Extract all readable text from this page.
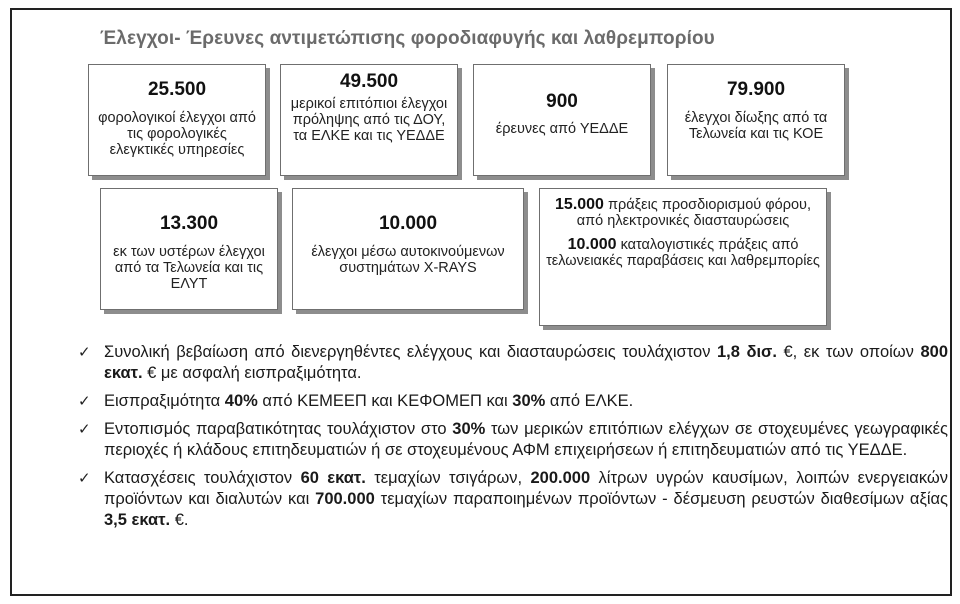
Έλεγχοι- Έρευνες αντιμετώπισης φοροδιαφυγής και λαθρεμπορίου
25.500
φορολογικοί έλεγχοι από τις φορολογικές ελεγκτικές υπηρεσίες
49.500
μερικοί επιτόπιοι έλεγχοι πρόληψης από τις ΔΟΥ, τα ΕΛΚΕ και τις ΥΕΔΔΕ
900
έρευνες από ΥΕΔΔΕ
79.900
έλεγχοι δίωξης από τα Τελωνεία και τις ΚΟΕ
13.300
εκ των υστέρων έλεγχοι από τα Τελωνεία και τις ΕΛΥΤ
10.000
έλεγχοι μέσω αυτοκινούμενων συστημάτων X-RAYS
15.000 πράξεις προσδιορισμού φόρου, από ηλεκτρονικές διασταυρώσεις
10.000 καταλογιστικές πράξεις από τελωνειακές παραβάσεις και λαθρεμπορίες
✓ Συνολική βεβαίωση από διενεργηθέντες ελέγχους και διασταυρώσεις τουλάχιστον 1,8 δισ. €, εκ των οποίων 800 εκατ. € με ασφαλή εισπραξιμότητα.
✓ Εισπραξιμότητα 40% από ΚΕΜΕΕΠ και ΚΕΦΟΜΕΠ και 30% από ΕΛΚΕ.
✓ Εντοπισμός παραβατικότητας τουλάχιστον στο 30% των μερικών επιτόπιων ελέγχων σε στοχευμένες γεωγραφικές περιοχές ή κλάδους επιτηδευματιών ή σε στοχευμένους ΑΦΜ επιχειρήσεων ή επιτηδευματιών από τις ΥΕΔΔΕ.
✓ Κατασχέσεις τουλάχιστον 60 εκατ. τεμαχίων τσιγάρων, 200.000 λίτρων υγρών καυσίμων, λοιπών ενεργειακών προϊόντων και διαλυτών και 700.000 τεμαχίων παραποιημένων προϊόντων - δέσμευση ρευστών διαθεσίμων αξίας 3,5 εκατ. €.
